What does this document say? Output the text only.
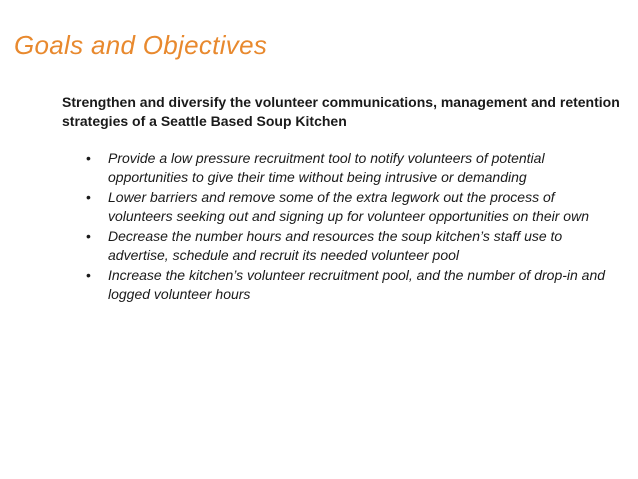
Goals and Objectives
Strengthen and diversify the volunteer communications, management and retention strategies of a Seattle Based Soup Kitchen
• Provide a low pressure recruitment tool to notify volunteers of potential opportunities to give their time without being intrusive or demanding
• Lower barriers and remove some of the extra legwork out the process of volunteers seeking out and signing up for volunteer opportunities on their own
• Decrease the number hours and resources the soup kitchen’s staff use to advertise, schedule and recruit its needed volunteer pool
• Increase the kitchen’s volunteer recruitment pool, and the number of drop-in and logged volunteer hours
